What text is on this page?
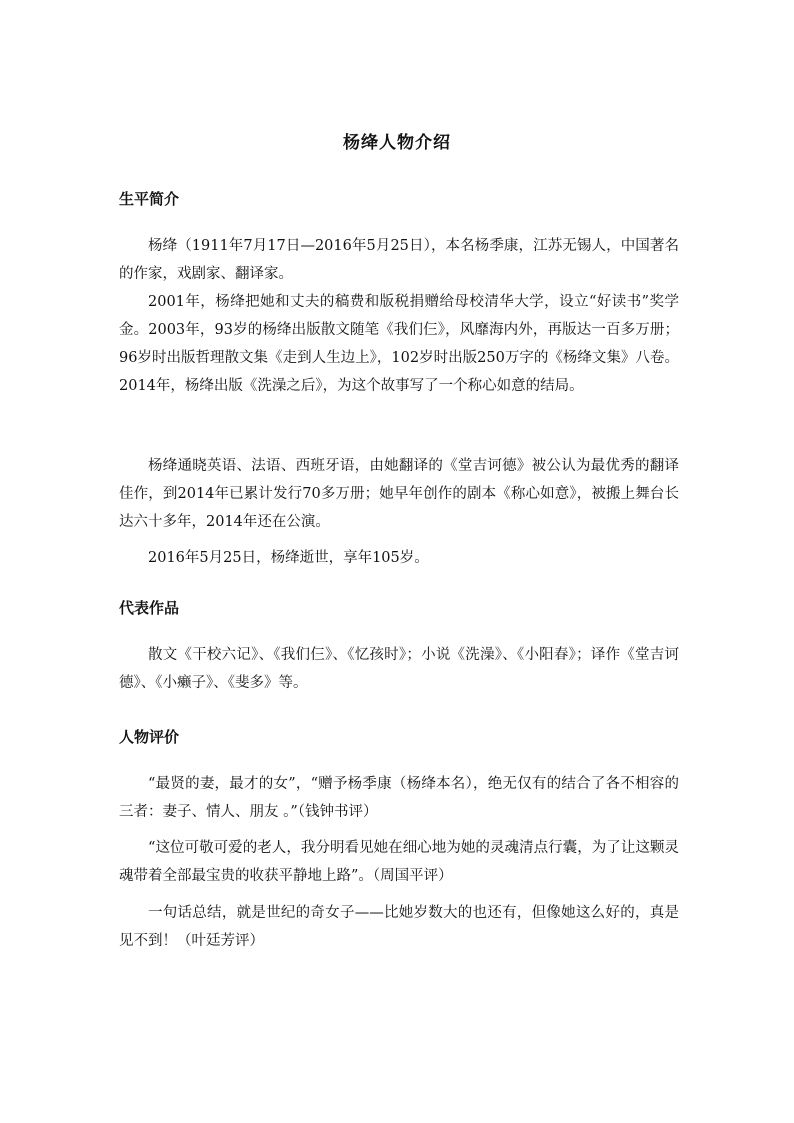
杨绛人物介绍
生平简介

杨绛（1911年7月17日—2016年5月25日），本名杨季康，江苏无锡人，中国著名的作家，戏剧家、翻译家。

2001年，杨绛把她和丈夫的稿费和版税捐赠给母校清华大学，设立“好读书”奖学金。2003年，93岁的杨绛出版散文随笔《我们仨》，风靡海内外，再版达一百多万册；96岁时出版哲理散文集《走到人生边上》，102岁时出版250万字的《杨绛文集》八卷。2014年，杨绛出版《洗澡之后》，为这个故事写了一个称心如意的结局。

杨绛通晓英语、法语、西班牙语，由她翻译的《堂吉诃德》被公认为最优秀的翻译佳作，到2014年已累计发行70多万册；她早年创作的剧本《称心如意》，被搬上舞台长达六十多年，2014年还在公演。

2016年5月25日，杨绛逝世，享年105岁。

代表作品

散文《干校六记》、《我们仨》、《忆孩时》；小说《洗澡》、《小阳春》；译作《堂吉诃德》、《小癞子》、《斐多》等。

人物评价

“最贤的妻，最才的女”，“赠予杨季康（杨绛本名），绝无仅有的结合了各不相容的三者：妻子、情人、朋友 。”（钱钟书评）

“这位可敬可爱的老人，我分明看见她在细心地为她的灵魂清点行囊，为了让这颗灵魂带着全部最宝贵的收获平静地上路”。（周国平评）

一句话总结，就是世纪的奇女子——比她岁数大的也还有，但像她这么好的，真是见不到！（叶廷芳评）
